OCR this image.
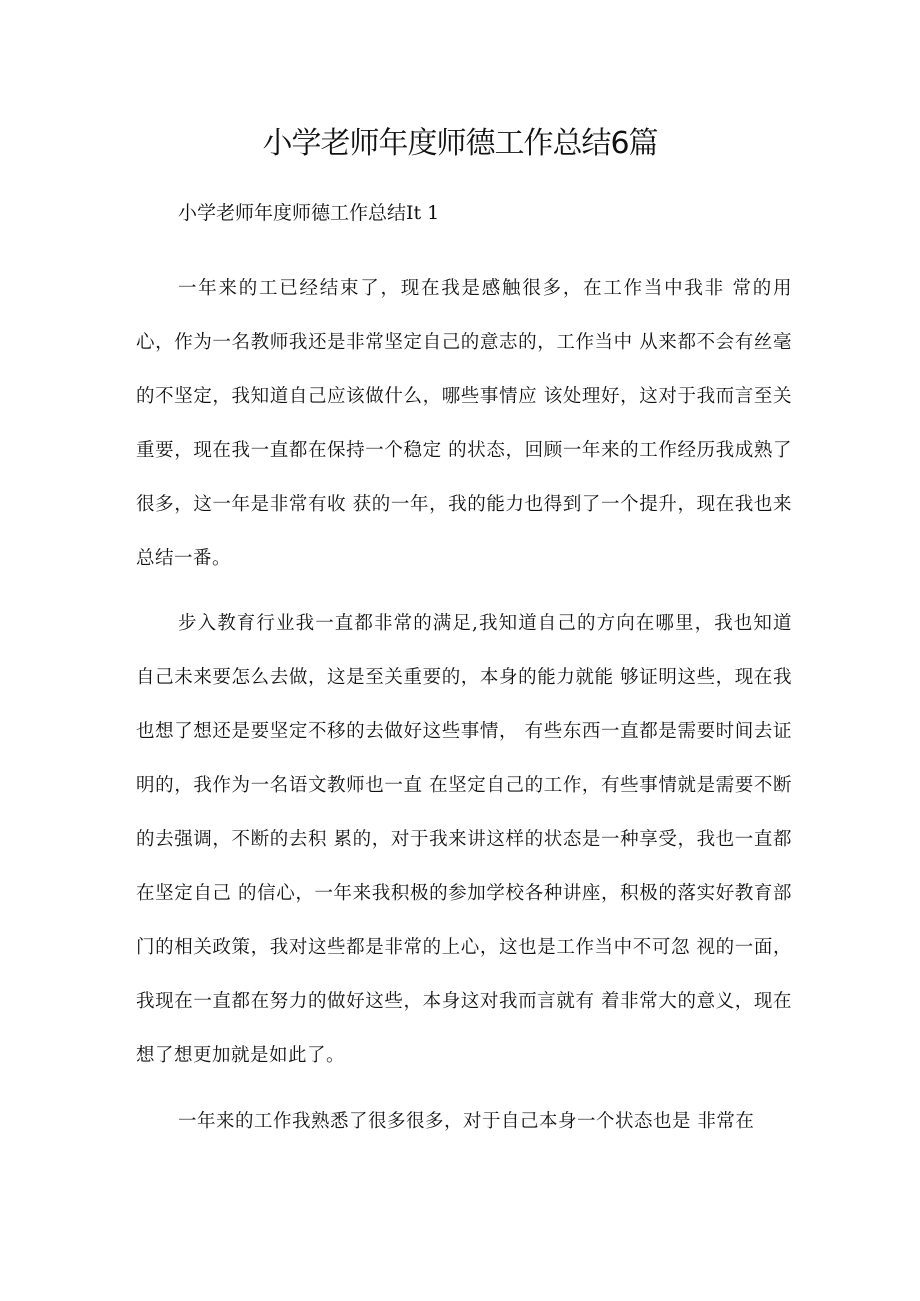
小学老师年度师德工作总结6篇

小学老师年度师德工作总结It 1

一年来的工已经结束了，现在我是感触很多，在工作当中我非 常的用心，作为一名教师我还是非常坚定自己的意志的，工作当中 从来都不会有丝毫的不坚定，我知道自己应该做什么，哪些事情应 该处理好，这对于我而言至关重要，现在我一直都在保持一个稳定 的状态，回顾一年来的工作经历我成熟了很多，这一年是非常有收 获的一年，我的能力也得到了一个提升，现在我也来总结一番。

步入教育行业我一直都非常的满足,我知道自己的方向在哪里，我也知道自己未来要怎么去做，这是至关重要的，本身的能力就能 够证明这些，现在我也想了想还是要坚定不移的去做好这些事情， 有些东西一直都是需要时间去证明的，我作为一名语文教师也一直 在坚定自己的工作，有些事情就是需要不断的去强调，不断的去积 累的，对于我来讲这样的状态是一种享受，我也一直都在坚定自己 的信心，一年来我积极的参加学校各种讲座，积极的落实好教育部 门的相关政策，我对这些都是非常的上心，这也是工作当中不可忽 视的一面，我现在一直都在努力的做好这些，本身这对我而言就有 着非常大的意义，现在想了想更加就是如此了。

一年来的工作我熟悉了很多很多，对于自己本身一个状态也是 非常在
